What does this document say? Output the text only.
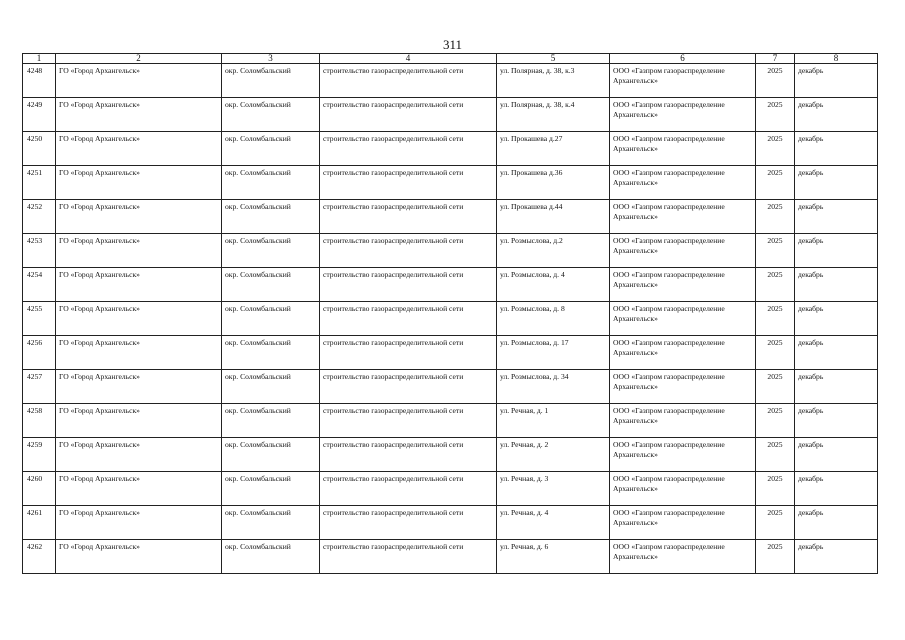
311
1	2	3	4	5	6	7	8
4248	ГО «Город Архангельск»	окр. Соломбальский	строительство газораспределительной сети	ул. Полярная, д. 38, к.3	ООО «Газпром газораспределение Архангельск»	2025	декабрь
4249	ГО «Город Архангельск»	окр. Соломбальский	строительство газораспределительной сети	ул. Полярная, д. 38, к.4	ООО «Газпром газораспределение Архангельск»	2025	декабрь
4250	ГО «Город Архангельск»	окр. Соломбальский	строительство газораспределительной сети	ул. Прокашева д.27	ООО «Газпром газораспределение Архангельск»	2025	декабрь
4251	ГО «Город Архангельск»	окр. Соломбальский	строительство газораспределительной сети	ул. Прокашева д.36	ООО «Газпром газораспределение Архангельск»	2025	декабрь
4252	ГО «Город Архангельск»	окр. Соломбальский	строительство газораспределительной сети	ул. Прокашева д.44	ООО «Газпром газораспределение Архангельск»	2025	декабрь
4253	ГО «Город Архангельск»	окр. Соломбальский	строительство газораспределительной сети	ул. Розмыслова, д.2	ООО «Газпром газораспределение Архангельск»	2025	декабрь
4254	ГО «Город Архангельск»	окр. Соломбальский	строительство газораспределительной сети	ул. Розмыслова, д. 4	ООО «Газпром газораспределение Архангельск»	2025	декабрь
4255	ГО «Город Архангельск»	окр. Соломбальский	строительство газораспределительной сети	ул. Розмыслова, д. 8	ООО «Газпром газораспределение Архангельск»	2025	декабрь
4256	ГО «Город Архангельск»	окр. Соломбальский	строительство газораспределительной сети	ул. Розмыслова, д. 17	ООО «Газпром газораспределение Архангельск»	2025	декабрь
4257	ГО «Город Архангельск»	окр. Соломбальский	строительство газораспределительной сети	ул. Розмыслова, д. 34	ООО «Газпром газораспределение Архангельск»	2025	декабрь
4258	ГО «Город Архангельск»	окр. Соломбальский	строительство газораспределительной сети	ул. Речная, д. 1	ООО «Газпром газораспределение Архангельск»	2025	декабрь
4259	ГО «Город Архангельск»	окр. Соломбальский	строительство газораспределительной сети	ул. Речная, д. 2	ООО «Газпром газораспределение Архангельск»	2025	декабрь
4260	ГО «Город Архангельск»	окр. Соломбальский	строительство газораспределительной сети	ул. Речная, д. 3	ООО «Газпром газораспределение Архангельск»	2025	декабрь
4261	ГО «Город Архангельск»	окр. Соломбальский	строительство газораспределительной сети	ул. Речная, д. 4	ООО «Газпром газораспределение Архангельск»	2025	декабрь
4262	ГО «Город Архангельск»	окр. Соломбальский	строительство газораспределительной сети	ул. Речная, д. 6	ООО «Газпром газораспределение Архангельск»	2025	декабрь
